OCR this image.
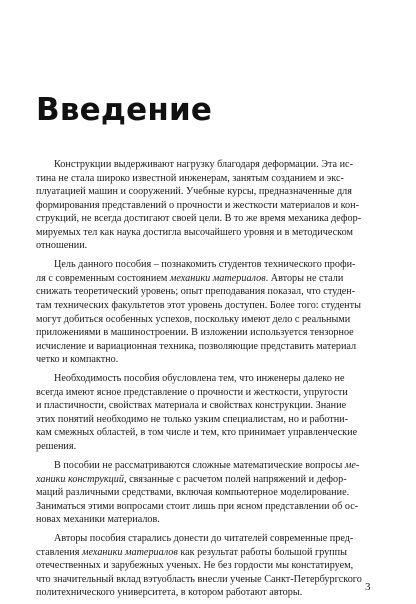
Введение
Конструкции выдерживают нагрузку благодаря деформации. Эта ис-
тина не стала широко известной инженерам, занятым созданием и экс-
плуатацией машин и сооружений. Учебные курсы, предназначенные для
формирования представлений о прочности и жесткости материалов и кон-
струкций, не всегда достигают своей цели. В то же время механика дефор-
мируемых тел как наука достигла высочайшего уровня и в методическом
отношении.
Цель данного пособия – познакомить студентов технического профи-
ля с современным состоянием механики материалов. Авторы не стали
снижать теоретический уровень; опыт преподавания показал, что студен-
там технических факультетов этот уровень доступен. Более того: студенты
могут добиться особенных успехов, поскольку имеют дело с реальными
приложениями в машиностроении. В изложении используется тензорное
исчисление и вариационная техника, позволяющие представить материал
четко и компактно.
Необходимость пособия обусловлена тем, что инженеры далеко не
всегда имеют ясное представление о прочности и жесткости, упругости
и пластичности, свойствах материала и свойствах конструкции. Знание
этих понятий необходимо не только узким специалистам, но и работни-
кам смежных областей, в том числе и тем, кто принимает управленческие
решения.
В пособии не рассматриваются сложные математические вопросы ме-
ханики конструкций, связанные с расчетом полей напряжений и дефор-
маций различными средствами, включая компьютерное моделирование.
Заниматься этими вопросами стоит лишь при ясном представлении об ос-
новах механики материалов.
Авторы пособия старались донести до читателей современные пред-
ставления механики материалов как результат работы большой группы
отечественных и зарубежных ученых. Не без гордости мы констатируем,
что значительный вклад вэтуобласть внесли ученые Санкт-Петербургского
политехнического университета, в котором работают авторы.	3
